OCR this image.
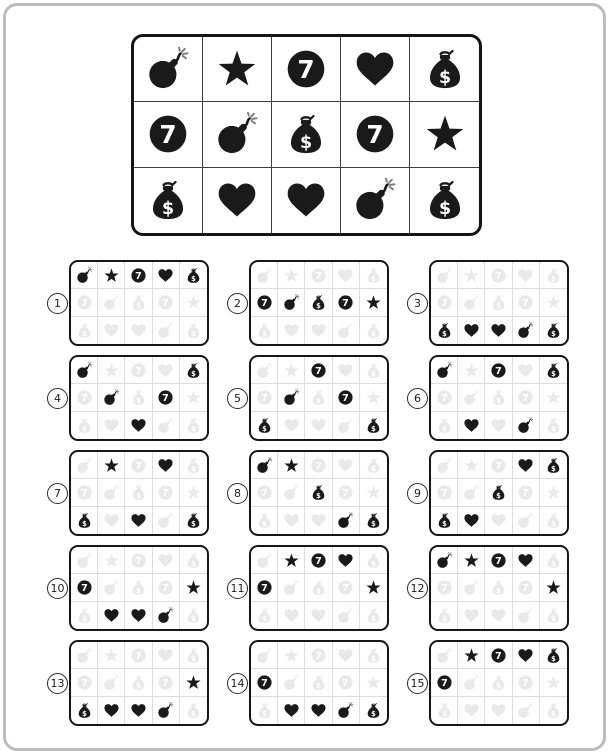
1	2	3
4	5	6
7	8	9
10	11	12
13	14	15
